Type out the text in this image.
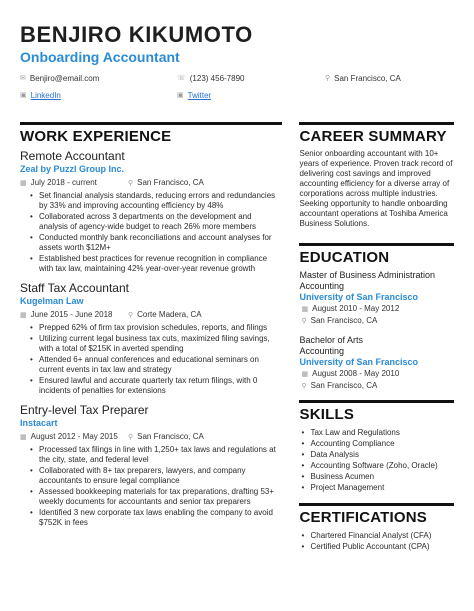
BENJIRO KIKUMOTO
Onboarding Accountant
✉ Benjiro@email.com	☏ (123) 456-7890	⚲ San Francisco, CA
▣ LinkedIn	▣ Twitter
WORK EXPERIENCE
Remote Accountant
Zeal by Puzzl Group Inc.
▦ July 2018 - current	⚲ San Francisco, CA
• Set financial analysis standards, reducing errors and redundancies by 33% and improving accounting efficiency by 48%
• Collaborated across 3 departments on the development and analysis of agency-wide budget to reach 26% more members
• Conducted monthly bank reconciliations and account analyses for assets worth $12M+
• Established best practices for revenue recognition in compliance with tax law, maintaining 42% year-over-year revenue growth
Staff Tax Accountant
Kugelman Law
▦ June 2015 - June 2018 ⚲ Corte Madera, CA
• Prepped 62% of firm tax provision schedules, reports, and filings
• Utilizing current legal business tax cuts, maximized filing savings, with a total of $215K in averted spending
• Attended 6+ annual conferences and educational seminars on current events in tax law and strategy
• Ensured lawful and accurate quarterly tax return filings, with 0 incidents of penalties for extensions
Entry-level Tax Preparer
Instacart
▦ August 2012 - May 2015 ⚲ San Francisco, CA
• Processed tax filings in line with 1,250+ tax laws and regulations at the city, state, and federal level
• Collaborated with 8+ tax preparers, lawyers, and company accountants to ensure legal compliance
• Assessed bookkeeping materials for tax preparations, drafting 53+ weekly documents for accountants and senior tax preparers
• Identified 3 new corporate tax laws enabling the company to avoid $752K in fees
CAREER SUMMARY
Senior onboarding accountant with 10+ years of experience. Proven track record of delivering cost savings and improved accounting efficiency for a diverse array of corporations across multiple industries. Seeking opportunity to handle onboarding accountant operations at Toshiba America Business Solutions.
EDUCATION
Master of Business Administration
Accounting
University of San Francisco
▦ August 2010 - May 2012
⚲ San Francisco, CA
Bachelor of Arts
Accounting
University of San Francisco
▦ August 2008 - May 2010
⚲ San Francisco, CA
SKILLS
• Tax Law and Regulations
• Accounting Compliance
• Data Analysis
• Accounting Software (Zoho, Oracle)
• Business Acumen
• Project Management
CERTIFICATIONS
• Chartered Financial Analyst (CFA)
• Certified Public Accountant (CPA)
